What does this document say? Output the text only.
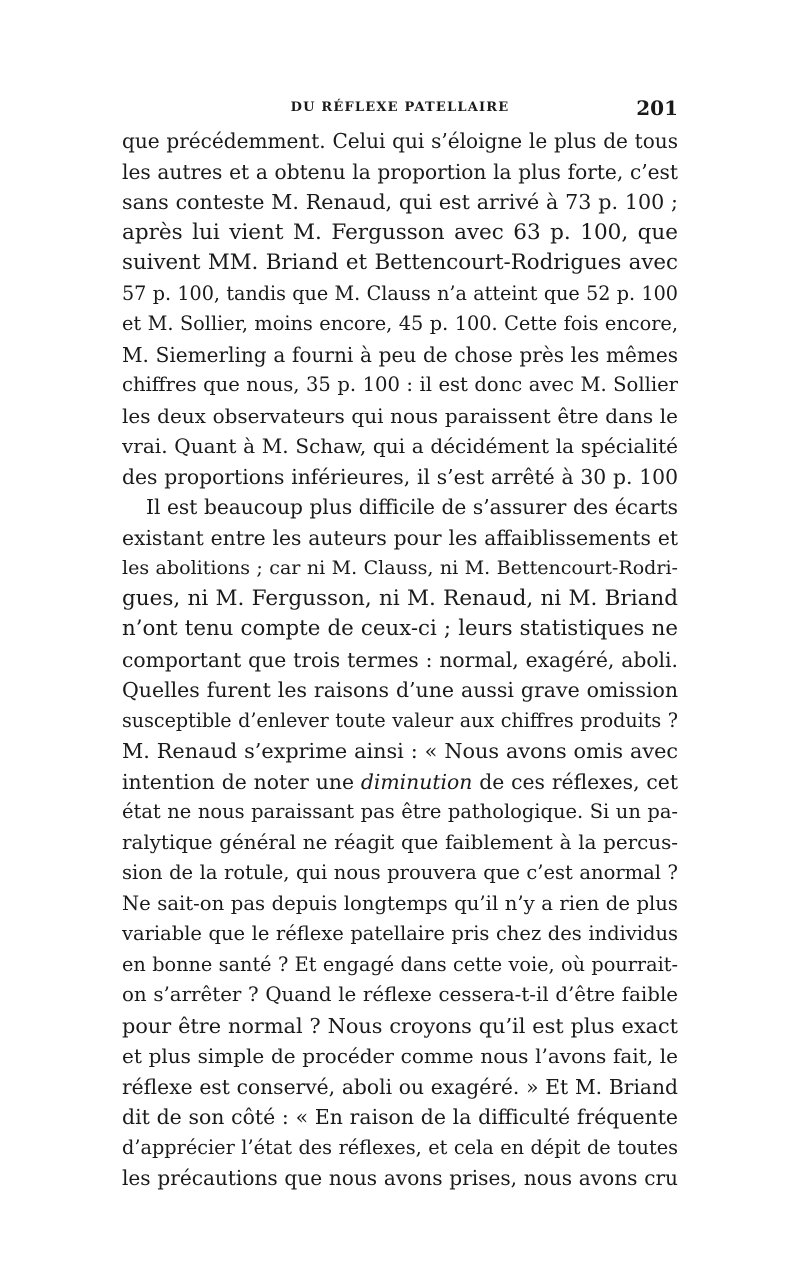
DU RÉFLEXE PATELLAIRE	201
que précédemment. Celui qui s’éloigne le plus de tous
les autres et a obtenu la proportion la plus forte, c’est
sans conteste M. Renaud, qui est arrivé à 73 p. 100 ;
après lui vient M. Fergusson avec 63 p. 100, que
suivent MM. Briand et Bettencourt-Rodrigues avec
57 p. 100, tandis que M. Clauss n’a atteint que 52 p. 100
et M. Sollier, moins encore, 45 p. 100. Cette fois encore,
M. Siemerling a fourni à peu de chose près les mêmes
chiffres que nous, 35 p. 100 : il est donc avec M. Sollier
les deux observateurs qui nous paraissent être dans le
vrai. Quant à M. Schaw, qui a décidément la spécialité
des proportions inférieures, il s’est arrêté à 30 p. 100
Il est beaucoup plus difficile de s’assurer des écarts
existant entre les auteurs pour les affaiblissements et
les abolitions ; car ni M. Clauss, ni M. Bettencourt-Rodri-
gues, ni M. Fergusson, ni M. Renaud, ni M. Briand
n’ont tenu compte de ceux-ci ; leurs statistiques ne
comportant que trois termes : normal, exagéré, aboli.
Quelles furent les raisons d’une aussi grave omission
susceptible d’enlever toute valeur aux chiffres produits ?
M. Renaud s’exprime ainsi : « Nous avons omis avec
intention de noter une diminution de ces réflexes, cet
état ne nous paraissant pas être pathologique. Si un pa-
ralytique général ne réagit que faiblement à la percus-
sion de la rotule, qui nous prouvera que c’est anormal ?
Ne sait-on pas depuis longtemps qu’il n’y a rien de plus
variable que le réflexe patellaire pris chez des individus
en bonne santé ? Et engagé dans cette voie, où pourrait-
on s’arrêter ? Quand le réflexe cessera-t-il d’être faible
pour être normal ? Nous croyons qu’il est plus exact
et plus simple de procéder comme nous l’avons fait, le
réflexe est conservé, aboli ou exagéré. » Et M. Briand
dit de son côté : « En raison de la difficulté fréquente
d’apprécier l’état des réflexes, et cela en dépit de toutes
les précautions que nous avons prises, nous avons cru
